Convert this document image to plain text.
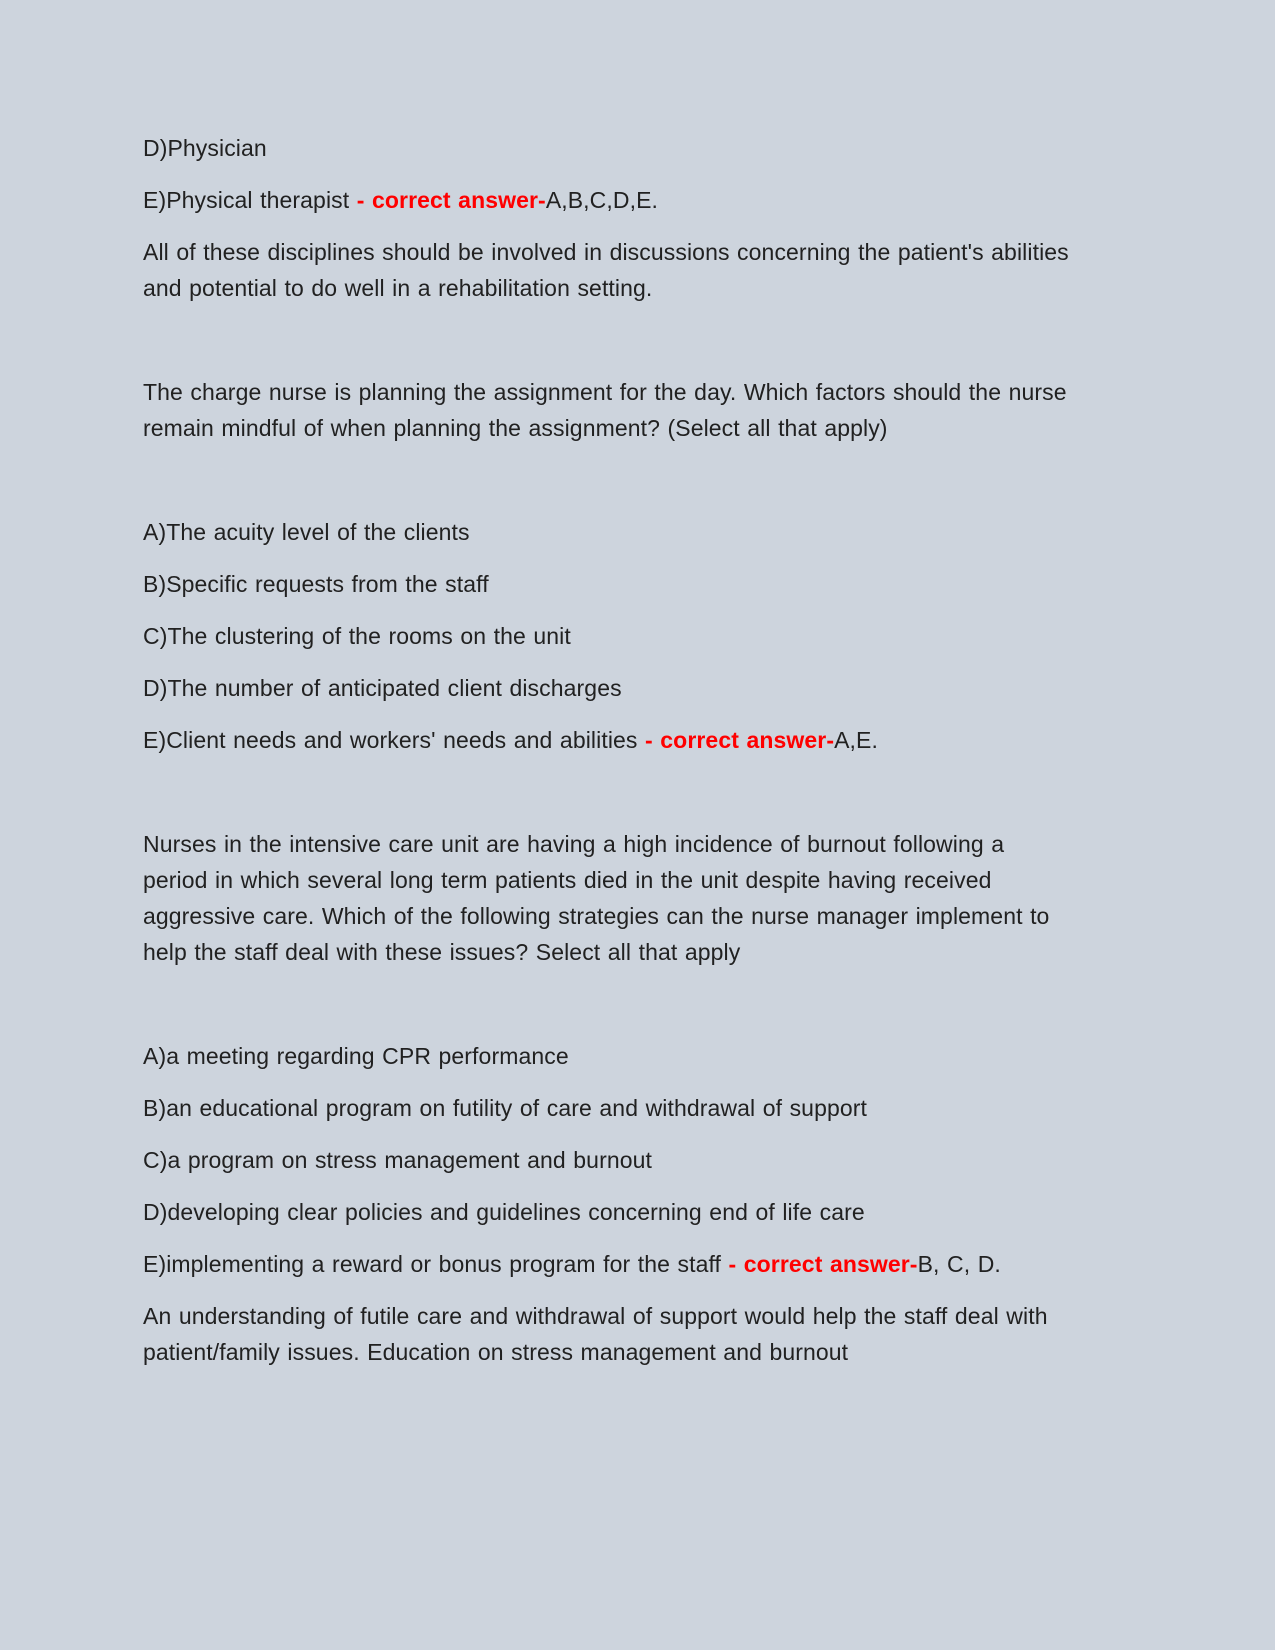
D)Physician

E)Physical therapist - correct answer-A,B,C,D,E.

All of these disciplines should be involved in discussions concerning the patient's abilities and potential to do well in a rehabilitation setting.

The charge nurse is planning the assignment for the day. Which factors should the nurse remain mindful of when planning the assignment? (Select all that apply)

A)The acuity level of the clients

B)Specific requests from the staff

C)The clustering of the rooms on the unit

D)The number of anticipated client discharges

E)Client needs and workers' needs and abilities - correct answer-A,E.

Nurses in the intensive care unit are having a high incidence of burnout following a period in which several long term patients died in the unit despite having received aggressive care. Which of the following strategies can the nurse manager implement to help the staff deal with these issues? Select all that apply

A)a meeting regarding CPR performance

B)an educational program on futility of care and withdrawal of support

C)a program on stress management and burnout

D)developing clear policies and guidelines concerning end of life care

E)implementing a reward or bonus program for the staff - correct answer-B, C, D.

An understanding of futile care and withdrawal of support would help the staff deal with patient/family issues. Education on stress management and burnout
